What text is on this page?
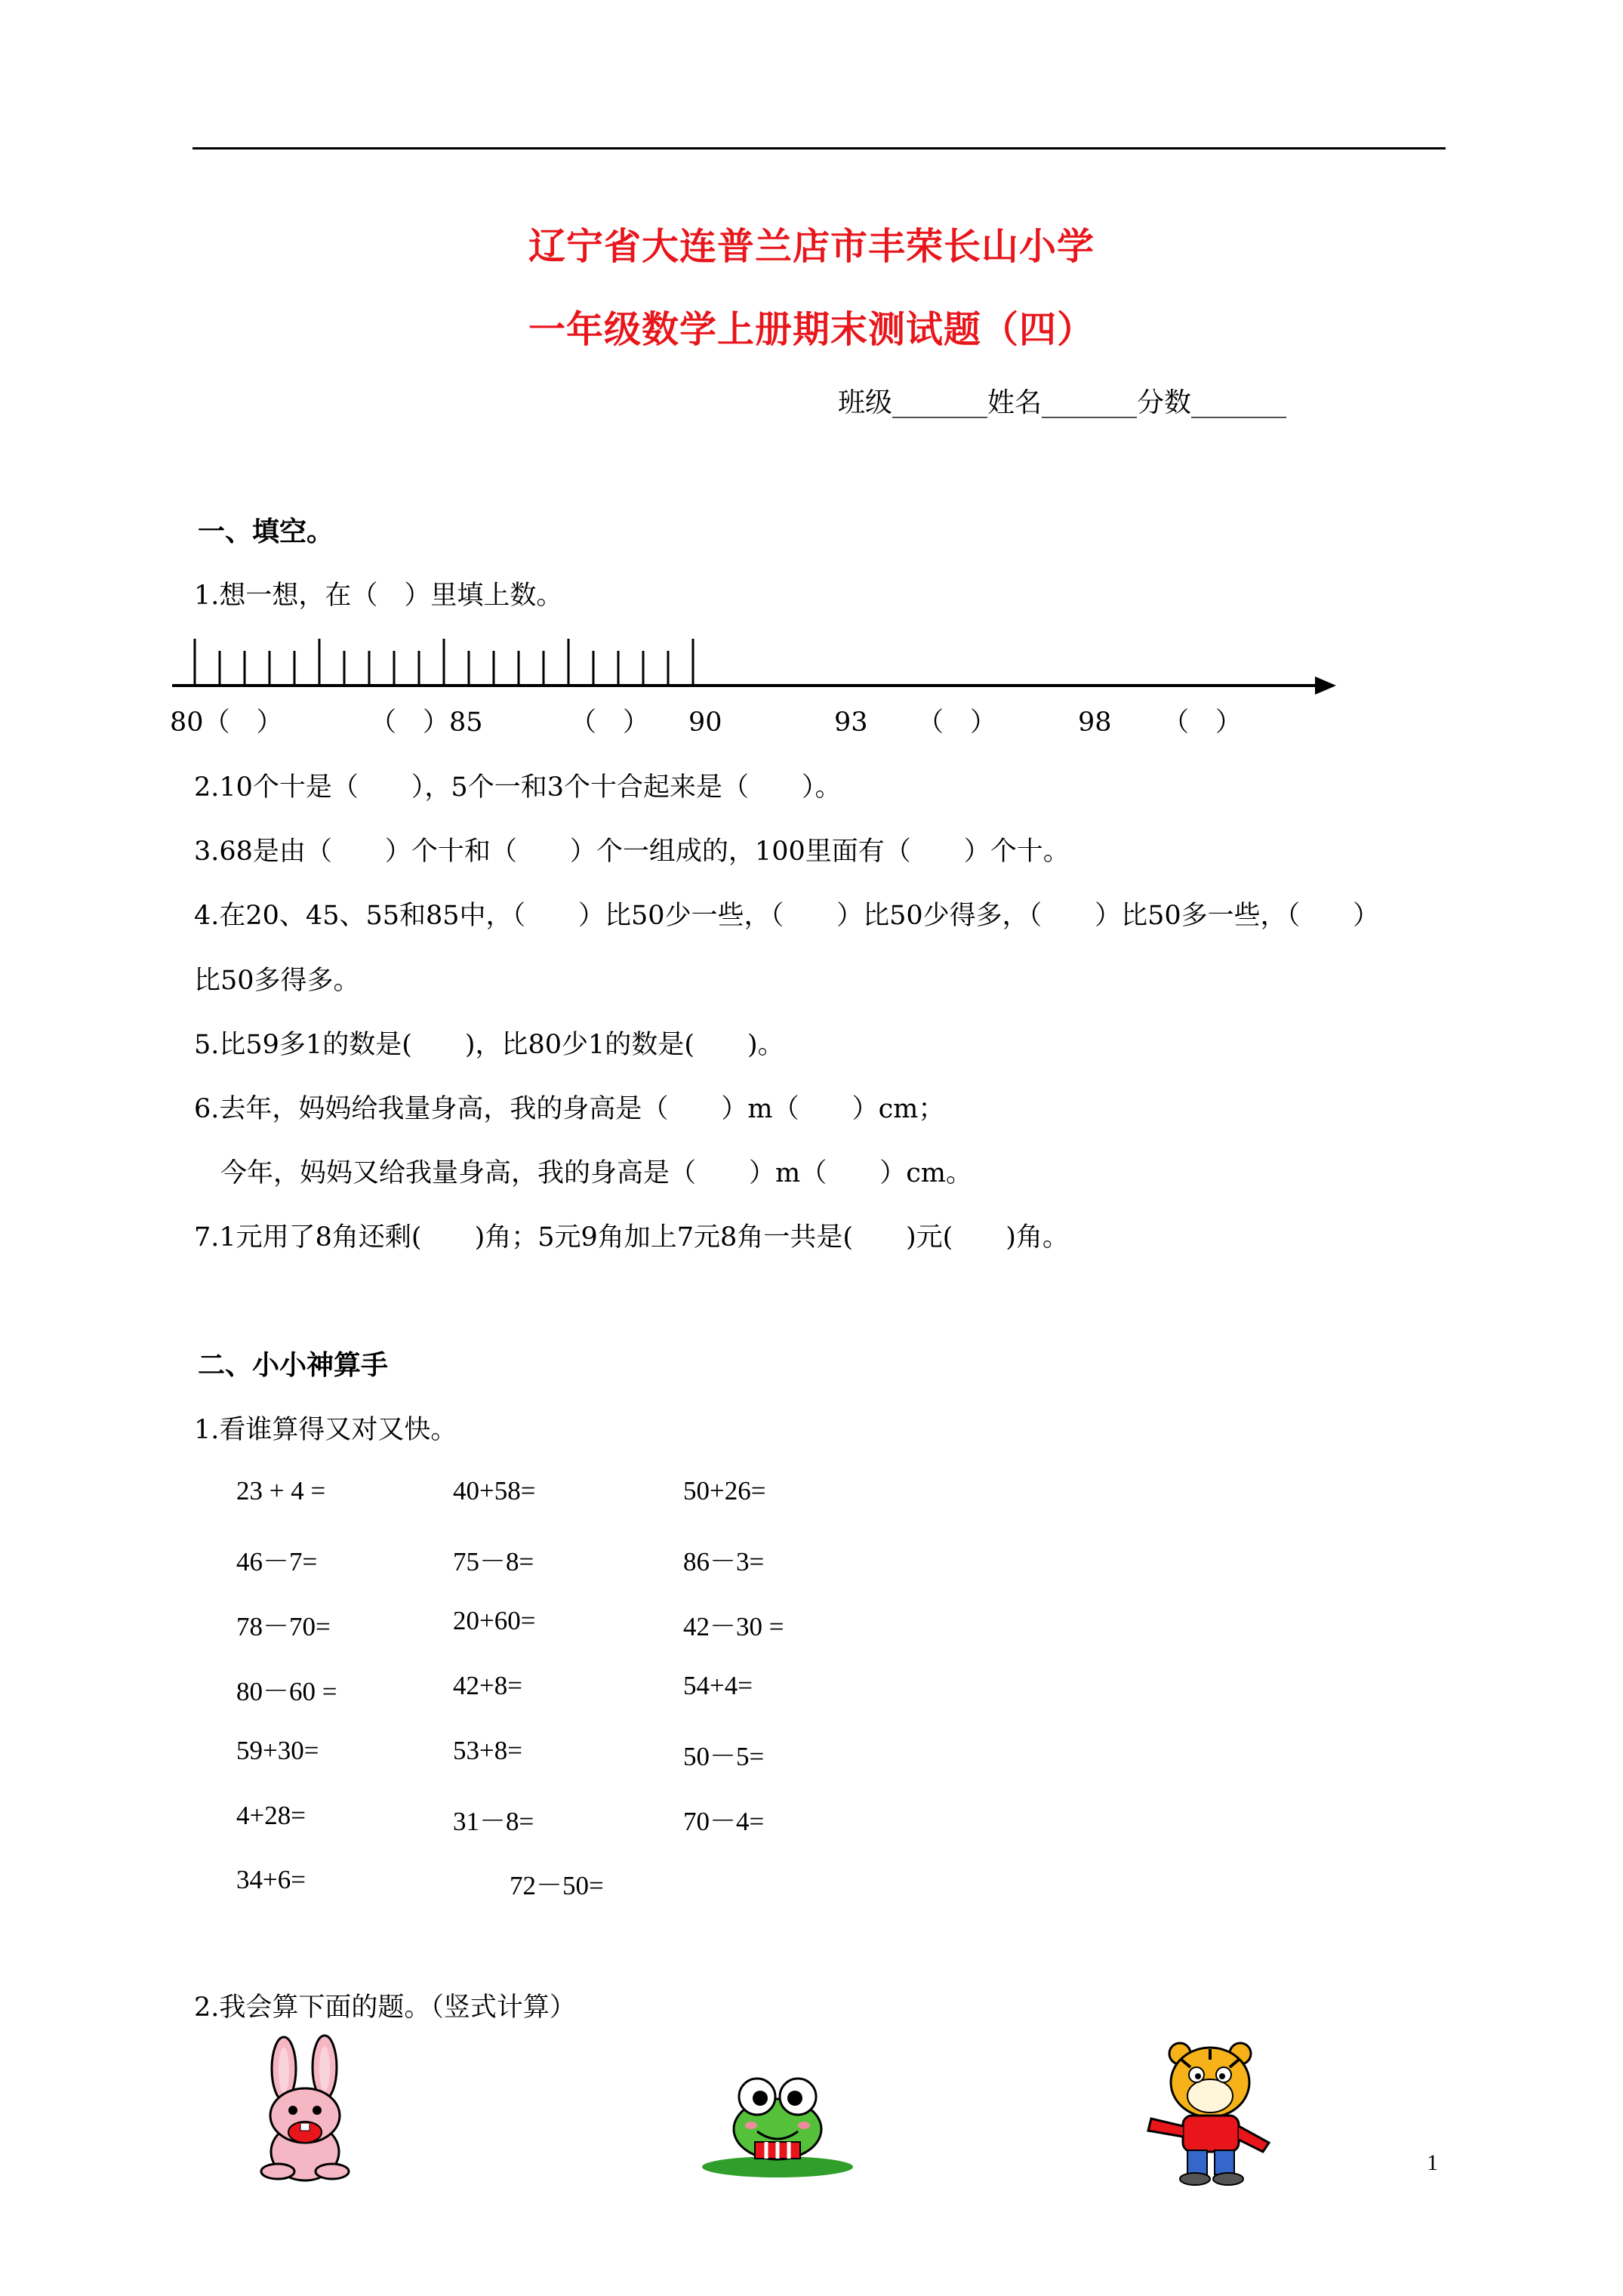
辽宁省大连普兰店市丰荣长山小学
一年级数学上册期末测试题（四）
班级_______姓名_______分数_______
一、填空。
1.想一想，在（　）里填上数。
80（　）	（　）85	（　） 90	93 （　）	98 （　）
2.10个十是（　　），5个一和3个十合起来是（　　）。
3.68是由（　　）个十和（　　）个一组成的，100里面有（　　）个十。
4.在20、45、55和85中，（　　）比50少一些，（　　）比50少得多，（　　）比50多一些，（　　）
比50多得多。
5.比59多1的数是(　　)，比80少1的数是(　　)。
6.去年，妈妈给我量身高，我的身高是（　　）m（　　）cm；
　今年，妈妈又给我量身高，我的身高是（　　）m（　　）cm。
7.1元用了8角还剩(　　)角；5元9角加上7元8角一共是(　　)元(　　)角。
二、小小神算手
1.看谁算得又对又快。
23 + 4 =	40+58=	50+26=
46－7=	75－8=	86－3=
78－70=	20+60=	42－30 =
80－60 =	42+8=	54+4=
59+30=	53+8=	50－5=
4+28=	31－8=	70－4=
34+6=	72－50=
2.我会算下面的题。（竖式计算）
1
